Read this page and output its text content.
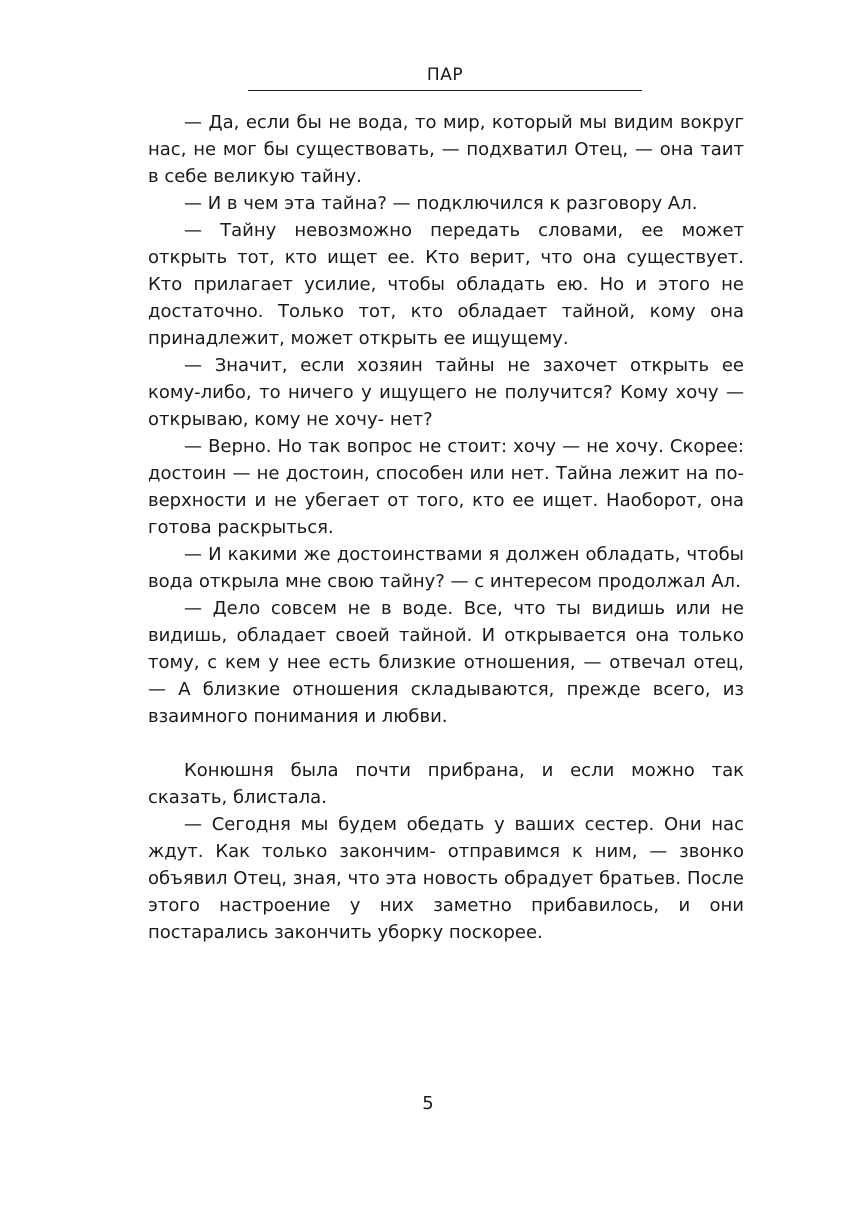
ПАР

— Да, если бы не вода, то мир, который мы видим вокруг нас, не мог бы существовать, — подхватил Отец, — она таит в себе великую тайну.

— И в чем эта тайна? — подключился к разговору Ал.

— Тайну невозможно передать словами, ее может открыть тот, кто ищет ее. Кто верит, что она существует. Кто прилагает усилие, чтобы обладать ею. Но и этого не достаточно. Только тот, кто обладает тайной, кому она принадлежит, может открыть ее ищущему.

— Значит, если хозяин тайны не захочет открыть ее кому-либо, то ничего у ищущего не получится? Кому хочу — открываю, кому не хочу- нет?

— Верно. Но так вопрос не стоит: хочу — не хочу. Скорее: достоин — не достоин, способен или нет. Тайна лежит на поверхности и не убегает от того, кто ее ищет. Наоборот, она готова раскрыться.

— И какими же достоинствами я должен обладать, чтобы вода открыла мне свою тайну? — с интересом продолжал Ал.

— Дело совсем не в воде. Все, что ты видишь или не видишь, обладает своей тайной. И открывается она только тому, с кем у нее есть близкие отношения, — отвечал отец, — А близкие отношения складываются, прежде всего, из взаимного понимания и любви.

Конюшня была почти прибрана, и если можно так сказать, блистала.

— Сегодня мы будем обедать у ваших сестер. Они нас ждут. Как только закончим- отправимся к ним, — звонко объявил Отец, зная, что эта новость обрадует братьев. После этого настроение у них заметно прибавилось, и они постарались закончить уборку поскорее.

5
